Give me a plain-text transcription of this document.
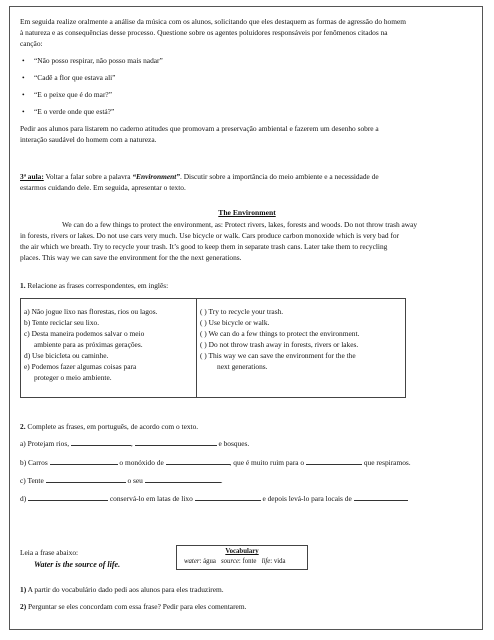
Em seguida realize oralmente a análise da música com os alunos, solicitando que eles destaquem as formas de agressão do homem
à natureza e as consequências desse processo. Questione sobre os agentes poluidores responsáveis por fenômenos citados na
canção:
• “Não posso respirar, não posso mais nadar”
• “Cadê a flor que estava ali”
• “E o peixe que é do mar?”
• “E o verde onde que está?”
Pedir aos alunos para listarem no caderno atitudes que promovam a preservação ambiental e fazerem um desenho sobre a
interação saudável do homem com a natureza.
3ª aula: Voltar a falar sobre a palavra “Environment”. Discutir sobre a importância do meio ambiente e a necessidade de
estarmos cuidando dele. Em seguida, apresentar o texto.
The Environment
We can do a few things to protect the environment, as: Protect rivers, lakes, forests and woods. Do not throw trash away
in forests, rivers or lakes. Do not use cars very much. Use bicycle or walk. Cars produce carbon monoxide which is very bad for
the air which we breath. Try to recycle your trash. It’s good to keep them in separate trash cans. Later take them to recycling
places. This way we can save the environment for the the next generations.
1. Relacione as frases correspondentes, em inglês:
a) Não jogue lixo nas florestas, rios ou lagos.
b) Tente reciclar seu lixo.
c) Desta maneira podemos salvar o meio
ambiente para as próximas gerações.
d) Use bicicleta ou caminhe.
e) Podemos fazer algumas coisas para
proteger o meio ambiente.
( ) Try to recycle your trash.
( ) Use bicycle or walk.
( ) We can do a few things to protect the environment.
( ) Do not throw trash away in forests, rivers or lakes.
( ) This way we can save the environment for the the
next generations.
2. Complete as frases, em português, de acordo com o texto.
a) Protejam rios,	,	e bosques.
b) Carros	o monóxido de	, que é muito ruim para o	que respiramos.
c) Tente	o seu	.
d)	conservá-lo em latas de lixo	e depois levá-lo para locais de
Leia a frase abaixo:
Water is the source of life.
Vocabulary
water: água source: fonte life: vida
1) A partir do vocabulário dado pedi aos alunos para eles traduzirem.
2) Perguntar se eles concordam com essa frase? Pedir para eles comentarem.
